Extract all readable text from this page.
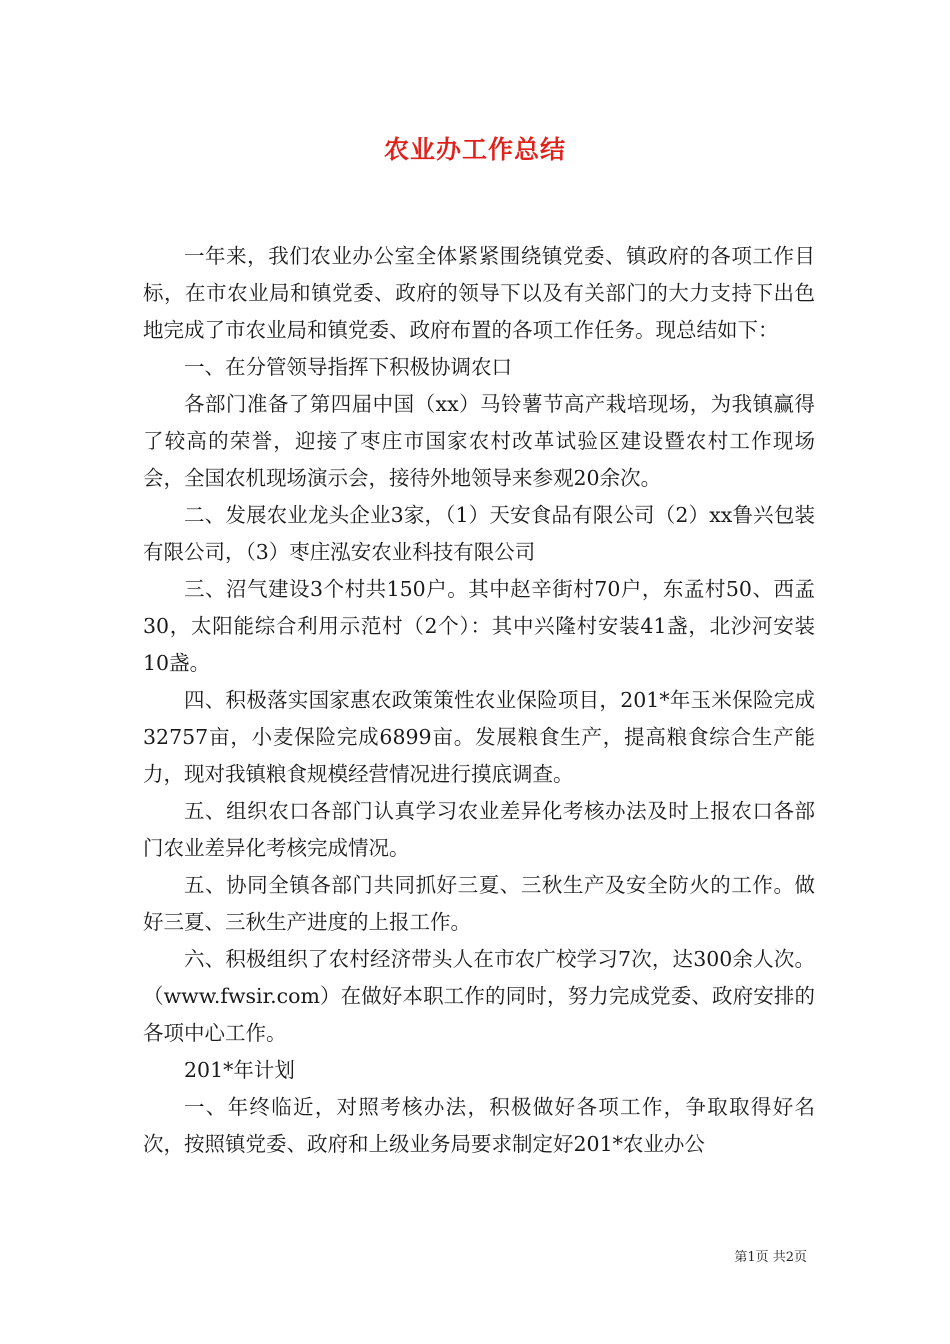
农业办工作总结

一年来，我们农业办公室全体紧紧围绕镇党委、镇政府的各项工作目标，在市农业局和镇党委、政府的领导下以及有关部门的大力支持下出色地完成了市农业局和镇党委、政府布置的各项工作任务。现总结如下：

一、在分管领导指挥下积极协调农口

各部门准备了第四届中国（xx）马铃薯节高产栽培现场，为我镇赢得了较高的荣誉，迎接了枣庄市国家农村改革试验区建设暨农村工作现场会，全国农机现场演示会，接待外地领导来参观20余次。

二、发展农业龙头企业3家，（1）天安食品有限公司（2）xx鲁兴包装有限公司，（3）枣庄泓安农业科技有限公司

三、沼气建设3个村共150户。其中赵辛街村70户，东孟村50、西孟30，太阳能综合利用示范村（2个）：其中兴隆村安装41盏，北沙河安装10盏。

四、积极落实国家惠农政策策性农业保险项目，201*年玉米保险完成32757亩，小麦保险完成6899亩。发展粮食生产，提高粮食综合生产能力，现对我镇粮食规模经营情况进行摸底调查。

五、组织农口各部门认真学习农业差异化考核办法及时上报农口各部门农业差异化考核完成情况。

五、协同全镇各部门共同抓好三夏、三秋生产及安全防火的工作。做好三夏、三秋生产进度的上报工作。

六、积极组织了农村经济带头人在市农广校学习7次，达300余人次。（www.fwsir.com）在做好本职工作的同时，努力完成党委、政府安排的各项中心工作。

201*年计划

一、年终临近，对照考核办法，积极做好各项工作，争取取得好名次，按照镇党委、政府和上级业务局要求制定好201*农业办公

第1页 共2页
